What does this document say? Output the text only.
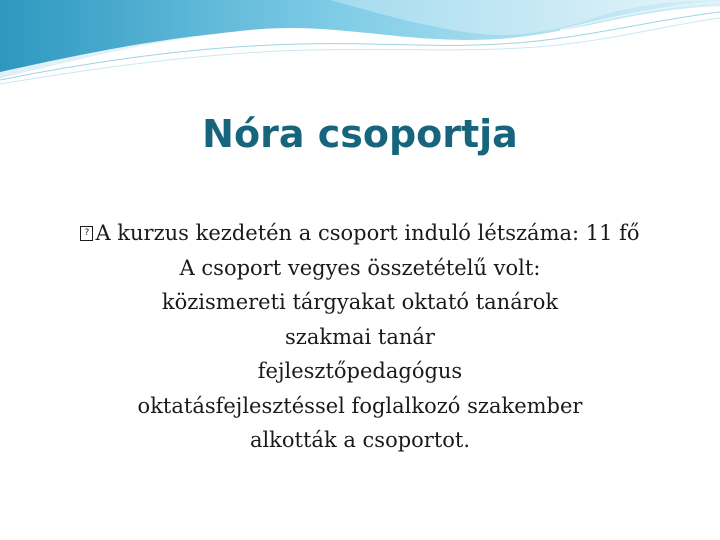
Nóra csoportja
?A kurzus kezdetén a csoport induló létszáma: 11 fő
A csoport vegyes összetételű volt:
közismereti tárgyakat oktató tanárok
szakmai tanár
fejlesztőpedagógus
oktatásfejlesztéssel foglalkozó szakember
alkották a csoportot.
